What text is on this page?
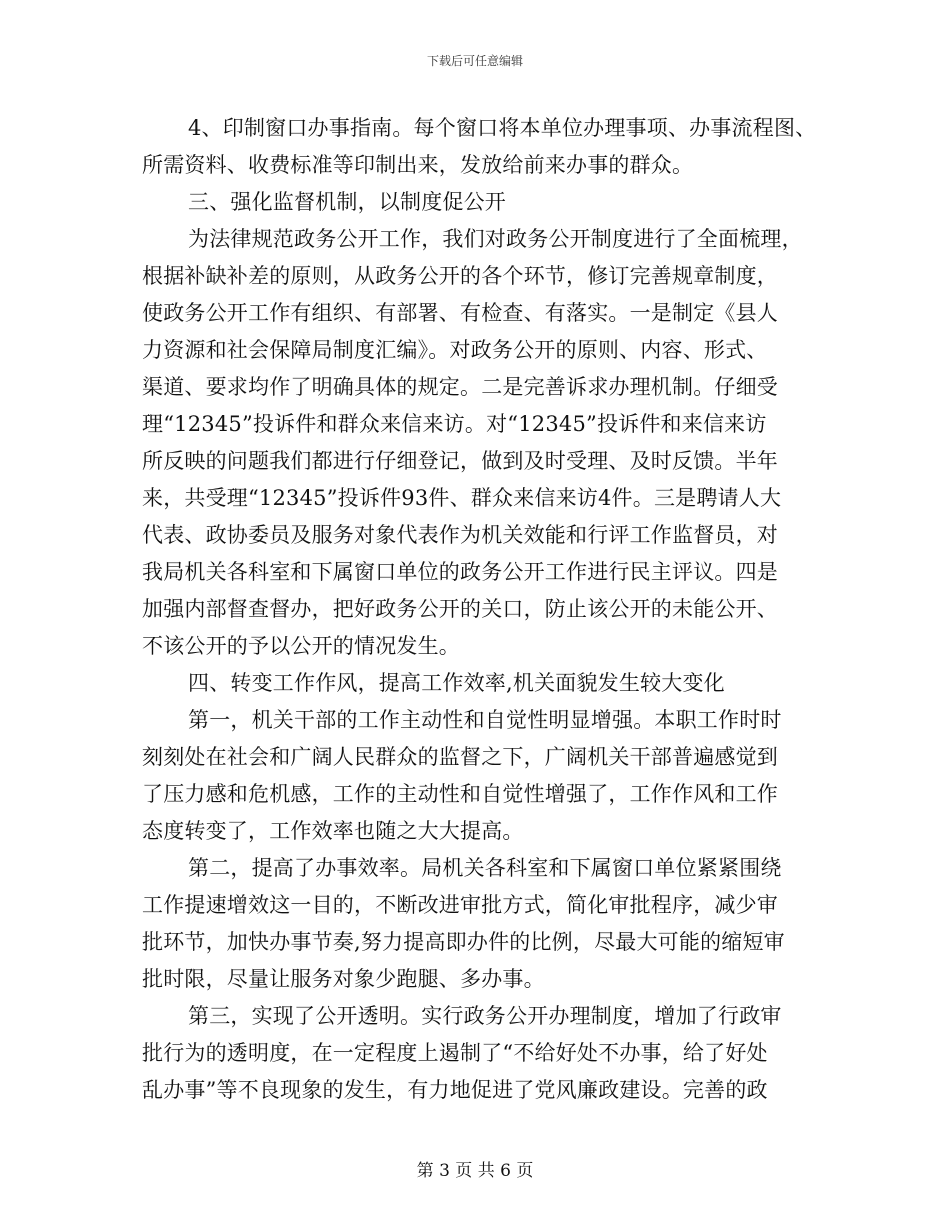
下载后可任意编辑
4、印制窗口办事指南。每个窗口将本单位办理事项、办事流程图、
所需资料、收费标准等印制出来，发放给前来办事的群众。
三、强化监督机制，以制度促公开
为法律规范政务公开工作，我们对政务公开制度进行了全面梳理，
根据补缺补差的原则，从政务公开的各个环节，修订完善规章制度，
使政务公开工作有组织、有部署、有检查、有落实。一是制定《县人
力资源和社会保障局制度汇编》。对政务公开的原则、内容、形式、
渠道、要求均作了明确具体的规定。二是完善诉求办理机制。仔细受
理“12345”投诉件和群众来信来访。对“12345”投诉件和来信来访
所反映的问题我们都进行仔细登记，做到及时受理、及时反馈。半年
来，共受理“12345”投诉件93件、群众来信来访4件。三是聘请人大
代表、政协委员及服务对象代表作为机关效能和行评工作监督员，对
我局机关各科室和下属窗口单位的政务公开工作进行民主评议。四是
加强内部督查督办，把好政务公开的关口，防止该公开的未能公开、
不该公开的予以公开的情况发生。
四、转变工作作风，提高工作效率,机关面貌发生较大变化
第一，机关干部的工作主动性和自觉性明显增强。本职工作时时
刻刻处在社会和广阔人民群众的监督之下，广阔机关干部普遍感觉到
了压力感和危机感，工作的主动性和自觉性增强了，工作作风和工作
态度转变了，工作效率也随之大大提高。
第二，提高了办事效率。局机关各科室和下属窗口单位紧紧围绕
工作提速增效这一目的，不断改进审批方式，简化审批程序，减少审
批环节，加快办事节奏,努力提高即办件的比例，尽最大可能的缩短审
批时限，尽量让服务对象少跑腿、多办事。
第三，实现了公开透明。实行政务公开办理制度，增加了行政审
批行为的透明度，在一定程度上遏制了“不给好处不办事，给了好处
乱办事”等不良现象的发生，有力地促进了党风廉政建设。完善的政
第 3 页 共 6 页
